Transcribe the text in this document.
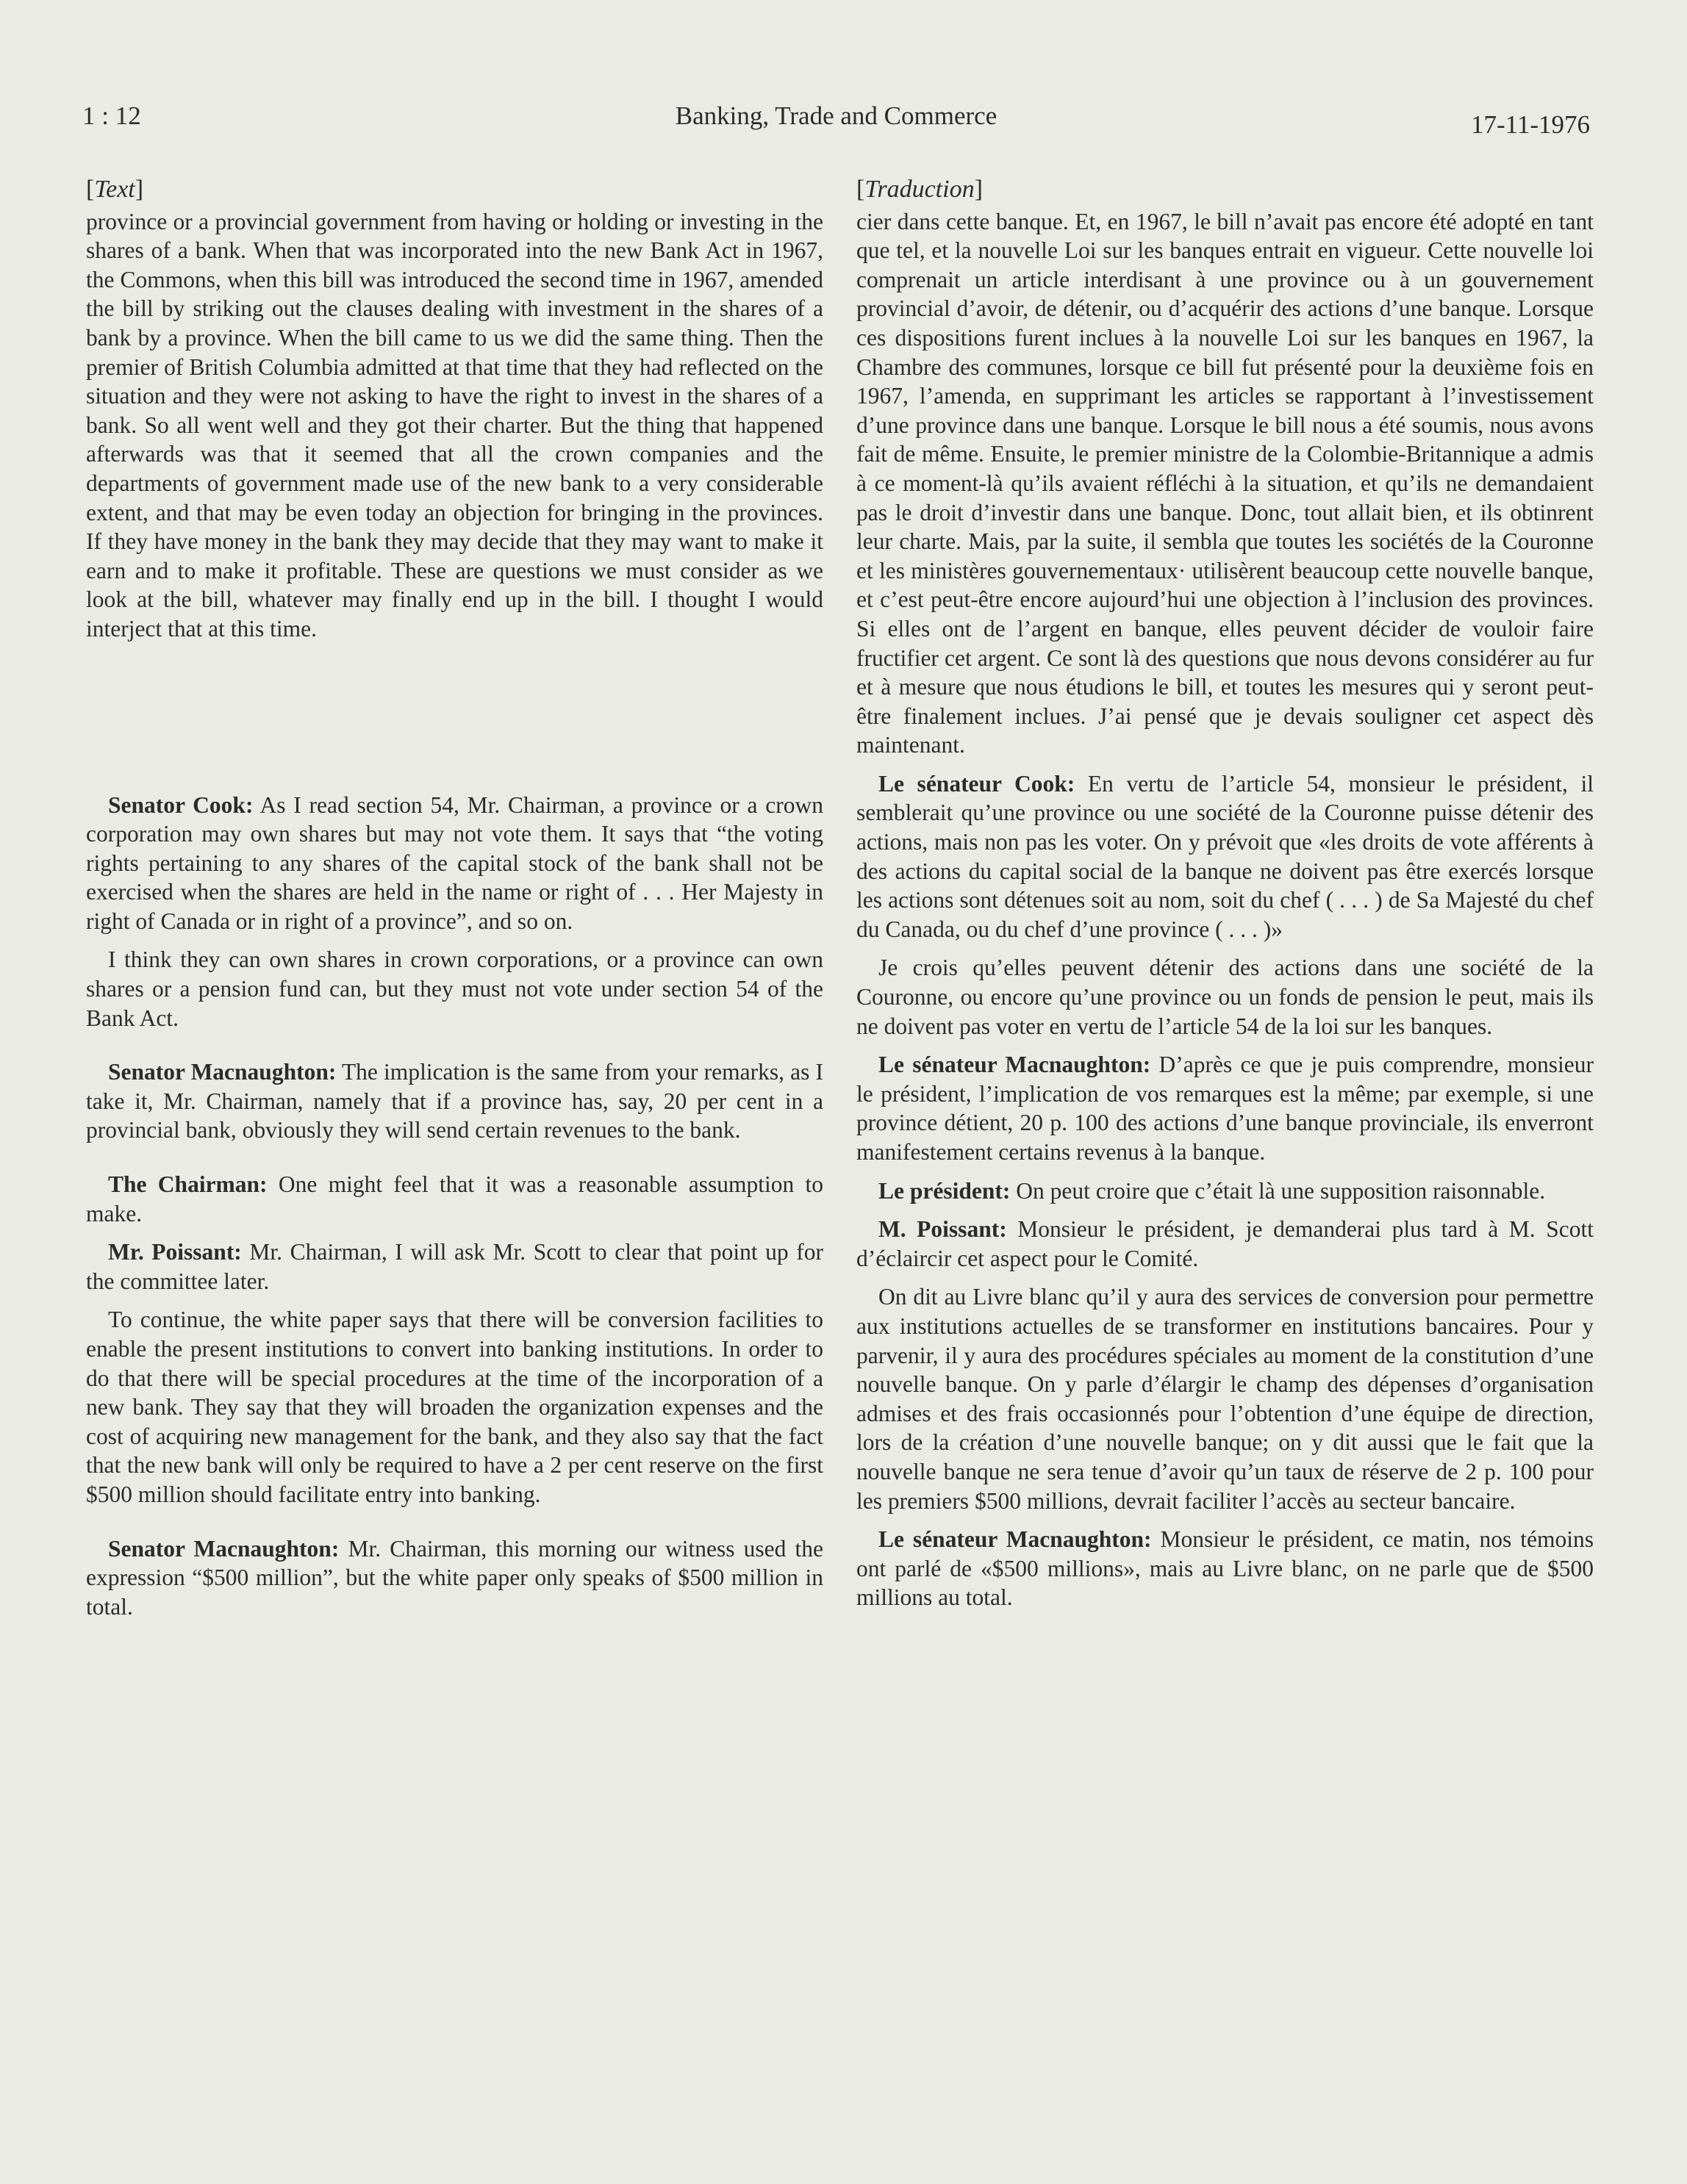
1 : 12	Banking, Trade and Commerce	17-11-1976
[Text]

province or a provincial government from having or holding or investing in the shares of a bank. When that was incorporated into the new Bank Act in 1967, the Commons, when this bill was introduced the second time in 1967, amended the bill by striking out the clauses dealing with investment in the shares of a bank by a province. When the bill came to us we did the same thing. Then the premier of British Columbia admitted at that time that they had reflected on the situation and they were not asking to have the right to invest in the shares of a bank. So all went well and they got their charter. But the thing that happened afterwards was that it seemed that all the crown companies and the departments of government made use of the new bank to a very considerable extent, and that may be even today an objection for bringing in the provinces. If they have money in the bank they may decide that they may want to make it earn and to make it profitable. These are questions we must consider as we look at the bill, whatever may finally end up in the bill. I thought I would interject that at this time.

Senator Cook: As I read section 54, Mr. Chairman, a province or a crown corporation may own shares but may not vote them. It says that “the voting rights pertaining to any shares of the capital stock of the bank shall not be exercised when the shares are held in the name or right of . . . Her Majesty in right of Canada or in right of a province”, and so on.

I think they can own shares in crown corporations, or a province can own shares or a pension fund can, but they must not vote under section 54 of the Bank Act.

Senator Macnaughton: The implication is the same from your remarks, as I take it, Mr. Chairman, namely that if a province has, say, 20 per cent in a provincial bank, obviously they will send certain revenues to the bank.

The Chairman: One might feel that it was a reasonable assumption to make.

Mr. Poissant: Mr. Chairman, I will ask Mr. Scott to clear that point up for the committee later.

To continue, the white paper says that there will be conversion facilities to enable the present institutions to convert into banking institutions. In order to do that there will be special procedures at the time of the incorporation of a new bank. They say that they will broaden the organization expenses and the cost of acquiring new management for the bank, and they also say that the fact that the new bank will only be required to have a 2 per cent reserve on the first $500 million should facilitate entry into banking.

Senator Macnaughton: Mr. Chairman, this morning our witness used the expression “$500 million”, but the white paper only speaks of $500 million in total.

[Traduction]

cier dans cette banque. Et, en 1967, le bill n’avait pas encore été adopté en tant que tel, et la nouvelle Loi sur les banques entrait en vigueur. Cette nouvelle loi comprenait un article interdisant à une province ou à un gouvernement provincial d’avoir, de détenir, ou d’acquérir des actions d’une banque. Lorsque ces dispositions furent inclues à la nouvelle Loi sur les banques en 1967, la Chambre des communes, lorsque ce bill fut présenté pour la deuxième fois en 1967, l’amenda, en supprimant les articles se rapportant à l’investissement d’une province dans une banque. Lorsque le bill nous a été soumis, nous avons fait de même. Ensuite, le premier ministre de la Colombie-Britannique a admis à ce moment-là qu’ils avaient réfléchi à la situation, et qu’ils ne demandaient pas le droit d’investir dans une banque. Donc, tout allait bien, et ils obtinrent leur charte. Mais, par la suite, il sembla que toutes les sociétés de la Couronne et les ministères gouvernementaux· utilisèrent beaucoup cette nouvelle banque, et c’est peut-être encore aujourd’hui une objection à l’inclusion des provinces. Si elles ont de l’argent en banque, elles peuvent décider de vouloir faire fructifier cet argent. Ce sont là des questions que nous devons considérer au fur et à mesure que nous étudions le bill, et toutes les mesures qui y seront peut-être finalement inclues. J’ai pensé que je devais souligner cet aspect dès maintenant.

Le sénateur Cook: En vertu de l’article 54, monsieur le président, il semblerait qu’une province ou une société de la Couronne puisse détenir des actions, mais non pas les voter. On y prévoit que «les droits de vote afférents à des actions du capital social de la banque ne doivent pas être exercés lorsque les actions sont détenues soit au nom, soit du chef ( . . . ) de Sa Majesté du chef du Canada, ou du chef d’une province ( . . . )»

Je crois qu’elles peuvent détenir des actions dans une société de la Couronne, ou encore qu’une province ou un fonds de pension le peut, mais ils ne doivent pas voter en vertu de l’article 54 de la loi sur les banques.

Le sénateur Macnaughton: D’après ce que je puis comprendre, monsieur le président, l’implication de vos remarques est la même; par exemple, si une province détient, 20 p. 100 des actions d’une banque provinciale, ils enverront manifestement certains revenus à la banque.

Le président: On peut croire que c’était là une supposition raisonnable.

M. Poissant: Monsieur le président, je demanderai plus tard à M. Scott d’éclaircir cet aspect pour le Comité.

On dit au Livre blanc qu’il y aura des services de conversion pour permettre aux institutions actuelles de se transformer en institutions bancaires. Pour y parvenir, il y aura des procédures spéciales au moment de la constitution d’une nouvelle banque. On y parle d’élargir le champ des dépenses d’organisation admises et des frais occasionnés pour l’obtention d’une équipe de direction, lors de la création d’une nouvelle banque; on y dit aussi que le fait que la nouvelle banque ne sera tenue d’avoir qu’un taux de réserve de 2 p. 100 pour les premiers $500 millions, devrait faciliter l’accès au secteur bancaire.

Le sénateur Macnaughton: Monsieur le président, ce matin, nos témoins ont parlé de «$500 millions», mais au Livre blanc, on ne parle que de $500 millions au total.
